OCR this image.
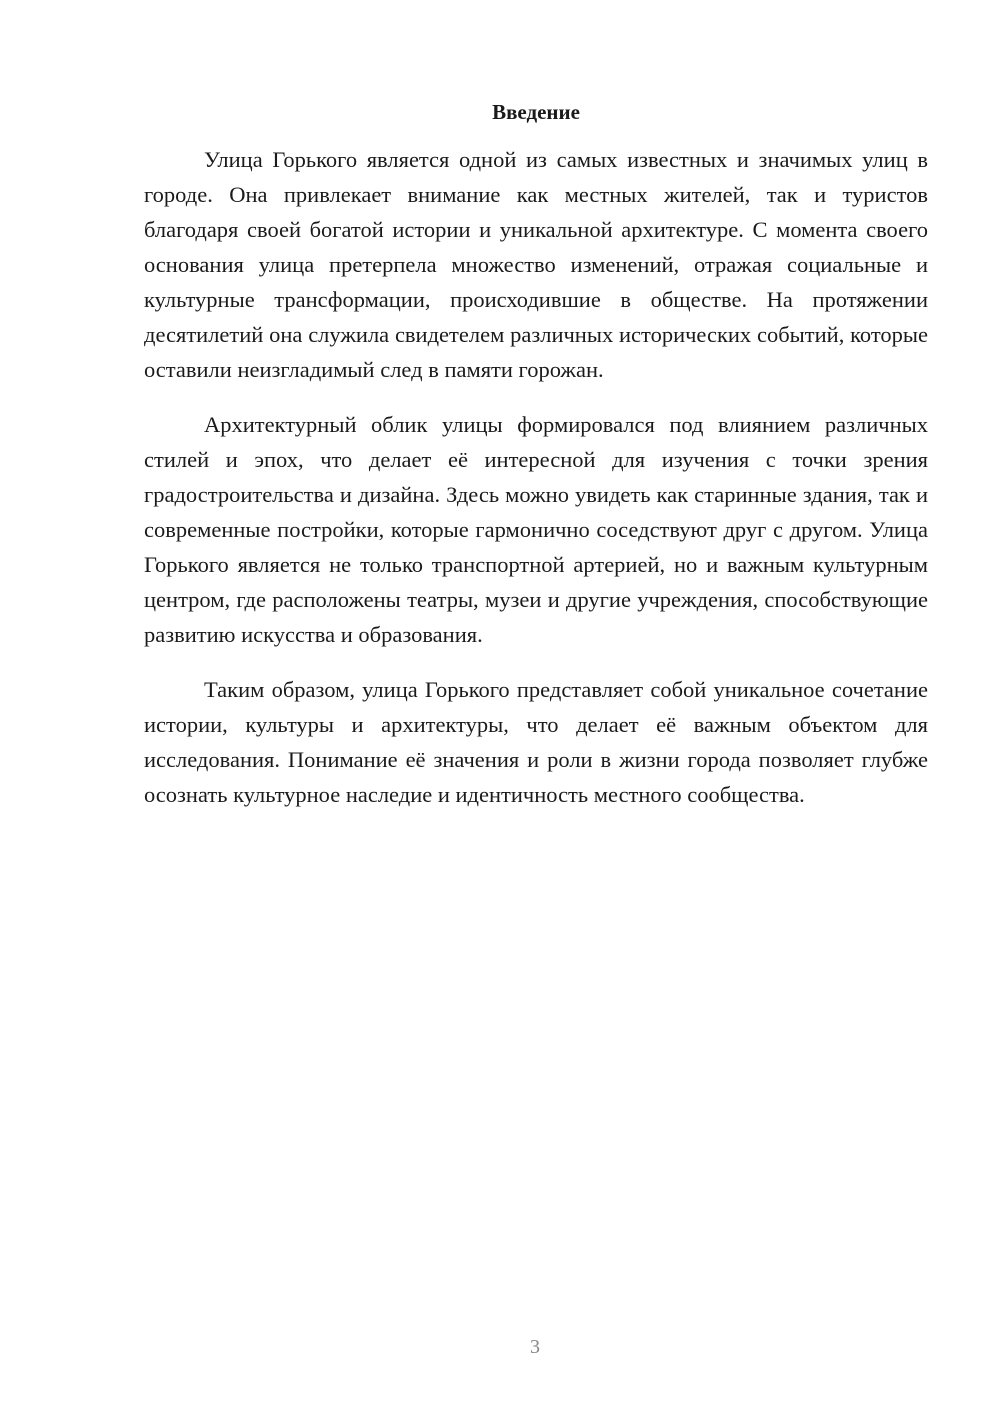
Введение

Улица Горького является одной из самых известных и значимых улиц в городе. Она привлекает внимание как местных жителей, так и туристов благодаря своей богатой истории и уникальной архитектуре. С момента своего основания улица претерпела множество изменений, отражая социальные и культурные трансформации, происходившие в обществе. На протяжении десятилетий она служила свидетелем различных исторических событий, которые оставили неизгладимый след в памяти горожан.

Архитектурный облик улицы формировался под влиянием различных стилей и эпох, что делает её интересной для изучения с точки зрения градостроительства и дизайна. Здесь можно увидеть как старинные здания, так и современные постройки, которые гармонично соседствуют друг с другом. Улица Горького является не только транспортной артерией, но и важным культурным центром, где расположены театры, музеи и другие учреждения, способствующие развитию искусства и образования.

Таким образом, улица Горького представляет собой уникальное сочетание истории, культуры и архитектуры, что делает её важным объектом для исследования. Понимание её значения и роли в жизни города позволяет глубже осознать культурное наследие и идентичность местного сообщества.

3
